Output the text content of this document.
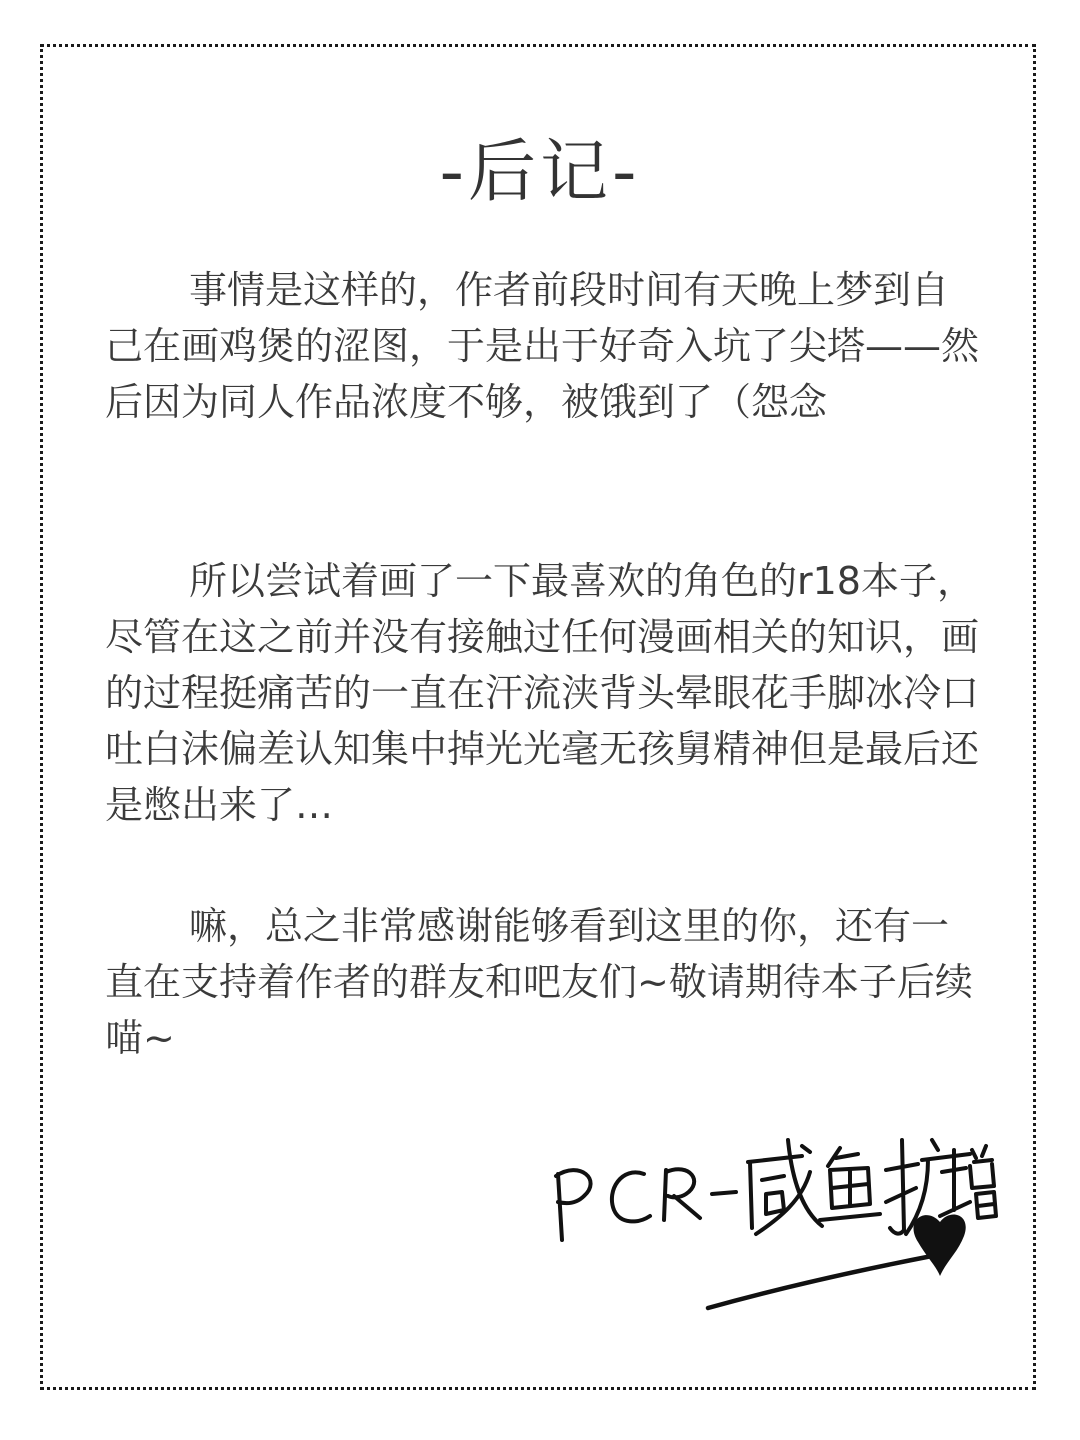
-后记-

事情是这样的，作者前段时间有天晚上梦到自己在画鸡煲的涩图，于是出于好奇入坑了尖塔——然后因为同人作品浓度不够，被饿到了（怨念

所以尝试着画了一下最喜欢的角色的r18本子，尽管在这之前并没有接触过任何漫画相关的知识，画的过程挺痛苦的一直在汗流浃背头晕眼花手脚冰冷口吐白沫偏差认知集中掉光光毫无孩舅精神但是最后还是憋出来了…

嘛，总之非常感谢能够看到这里的你，还有一直在支持着作者的群友和吧友们~敬请期待本子后续喵~
